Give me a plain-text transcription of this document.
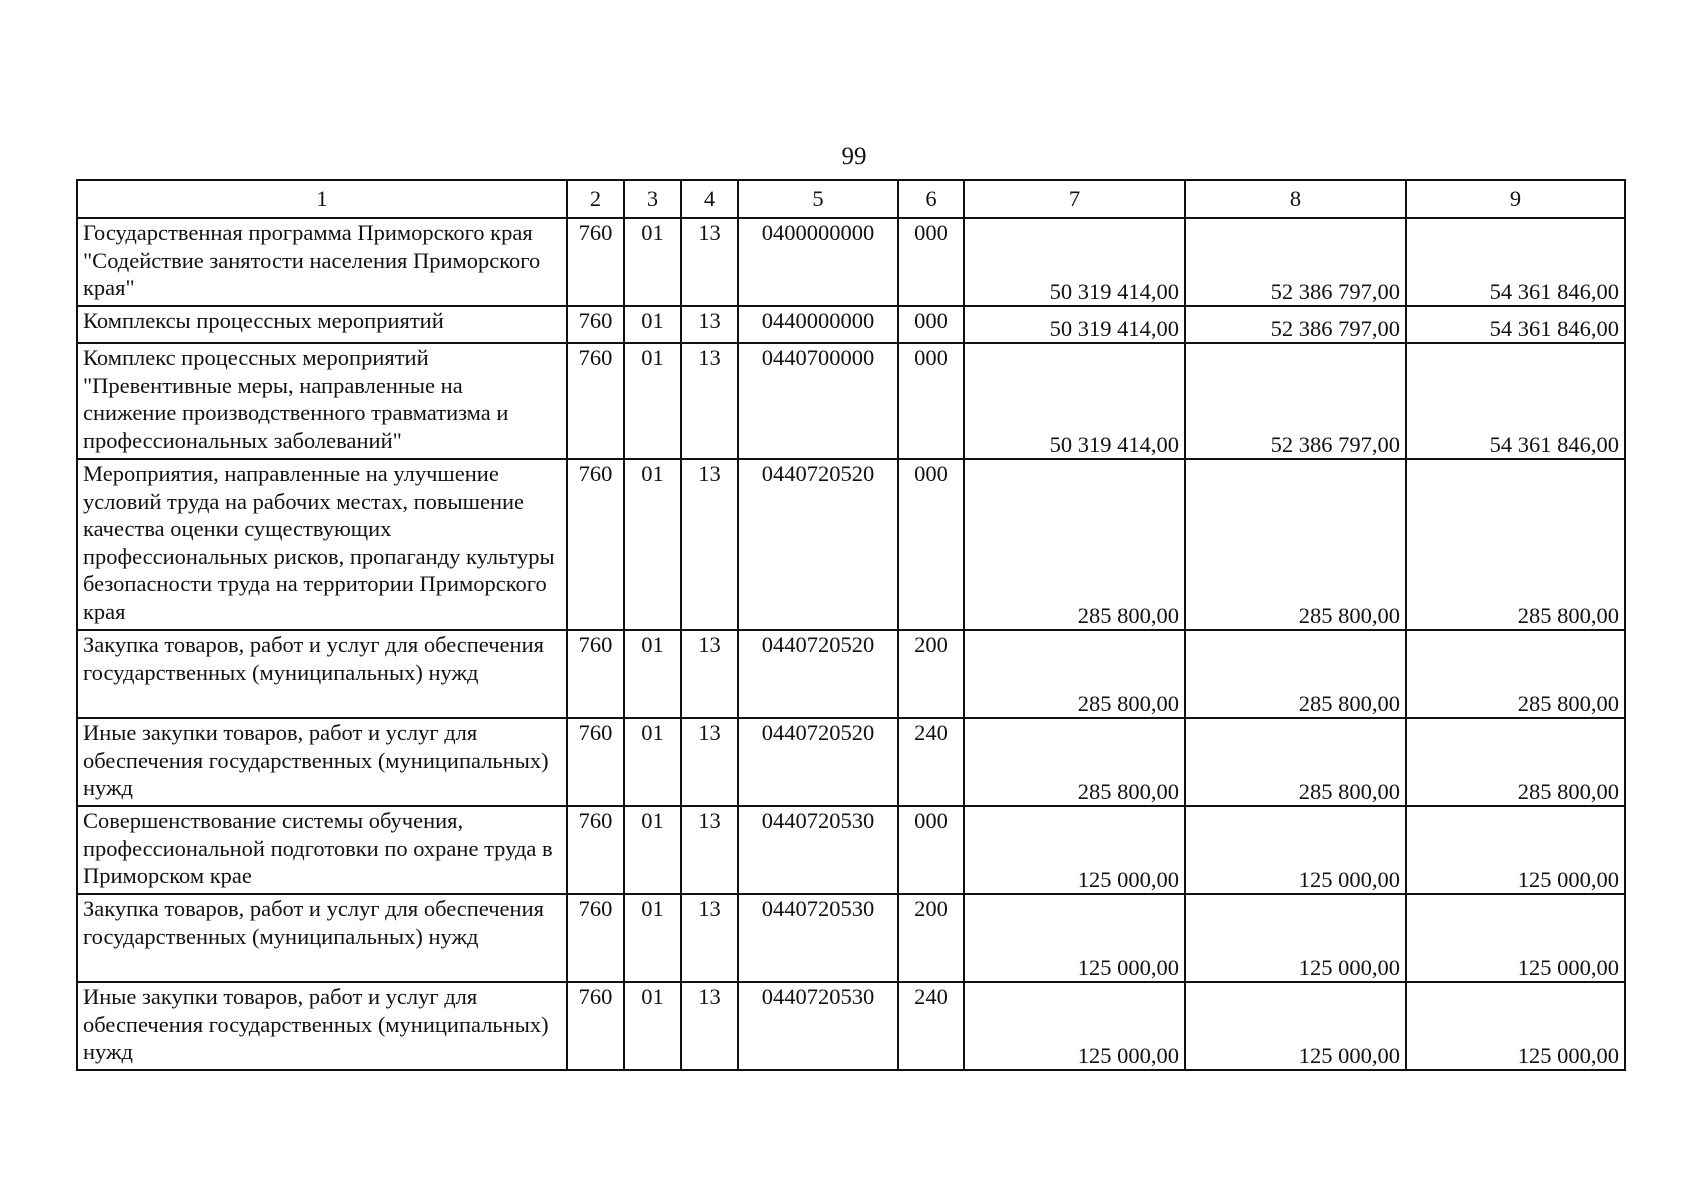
99
1	2	3	4	5	6	7	8	9
Государственная программа Приморского края "Содействие занятости населения Приморского края"	760	01	13	0400000000	000	50 319 414,00	52 386 797,00	54 361 846,00
Комплексы процессных мероприятий	760	01	13	0440000000	000	50 319 414,00	52 386 797,00	54 361 846,00
Комплекс процессных мероприятий "Превентивные меры, направленные на снижение производственного травматизма и профессиональных заболеваний"	760	01	13	0440700000	000	50 319 414,00	52 386 797,00	54 361 846,00
Мероприятия, направленные на улучшение условий труда на рабочих местах, повышение качества оценки существующих профессиональных рисков, пропаганду культуры безопасности труда на территории Приморского края	760	01	13	0440720520	000	285 800,00	285 800,00	285 800,00
Закупка товаров, работ и услуг для обеспечения государственных (муниципальных) нужд	760	01	13	0440720520	200	285 800,00	285 800,00	285 800,00
Иные закупки товаров, работ и услуг для обеспечения государственных (муниципальных) нужд	760	01	13	0440720520	240	285 800,00	285 800,00	285 800,00
Совершенствование системы обучения, профессиональной подготовки по охране труда в Приморском крае	760	01	13	0440720530	000	125 000,00	125 000,00	125 000,00
Закупка товаров, работ и услуг для обеспечения государственных (муниципальных) нужд	760	01	13	0440720530	200	125 000,00	125 000,00	125 000,00
Иные закупки товаров, работ и услуг для обеспечения государственных (муниципальных) нужд	760	01	13	0440720530	240	125 000,00	125 000,00	125 000,00
